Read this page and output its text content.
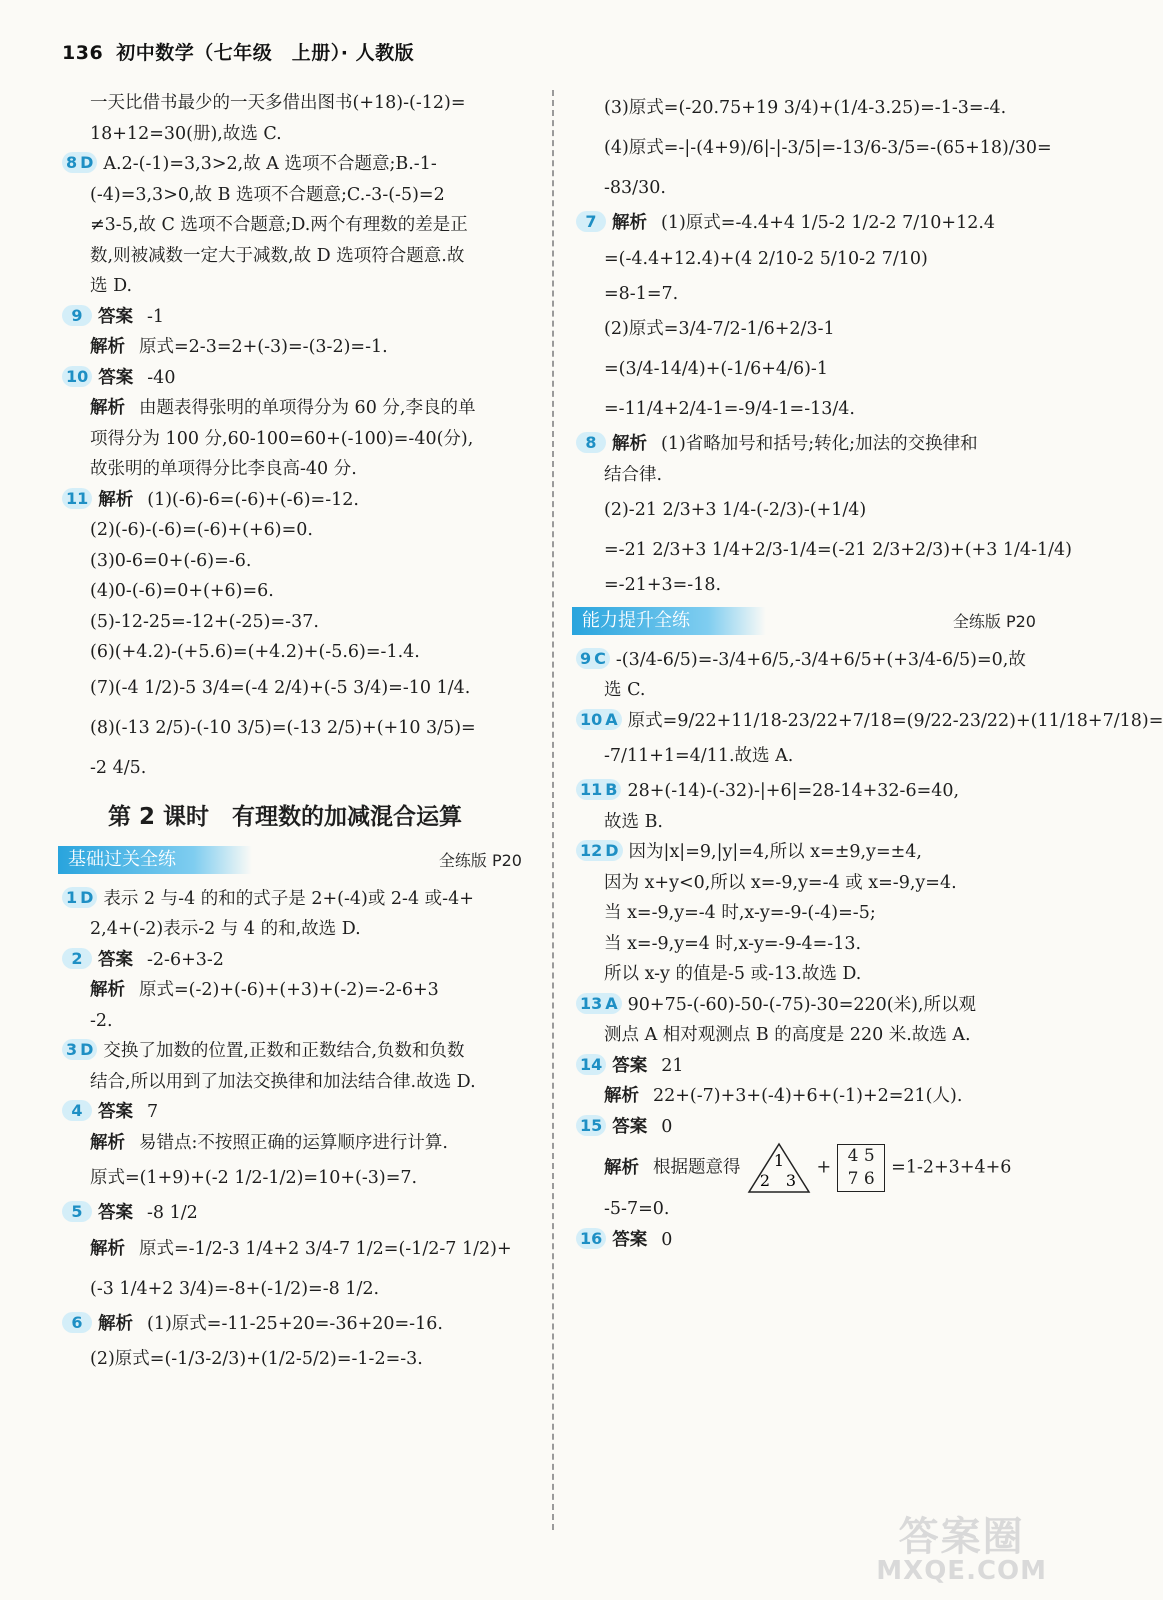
136 初中数学（七年级　上册）· 人教版
一天比借书最少的一天多借出图书(+18)-(-12)=
18+12=30(册),故选 C.
8 D A.2-(-1)=3,3>2,故 A 选项不合题意;B.-1-
(-4)=3,3>0,故 B 选项不合题意;C.-3-(-5)=2
≠3-5,故 C 选项不合题意;D.两个有理数的差是正
数,则被减数一定大于减数,故 D 选项符合题意.故
选 D.
9 答案 -1
解析 原式=2-3=2+(-3)=-(3-2)=-1.
10 答案 -40
解析 由题表得张明的单项得分为 60 分,李良的单
项得分为 100 分,60-100=60+(-100)=-40(分),
故张明的单项得分比李良高-40 分.
11 解析 (1)(-6)-6=(-6)+(-6)=-12.
(2)(-6)-(-6)=(-6)+(+6)=0.
(3)0-6=0+(-6)=-6.
(4)0-(-6)=0+(+6)=6.
(5)-12-25=-12+(-25)=-37.
(6)(+4.2)-(+5.6)=(+4.2)+(-5.6)=-1.4.
(7)(-4 1/2)-5 3/4=(-4 2/4)+(-5 3/4)=-10 1/4.
(8)(-13 2/5)-(-10 3/5)=(-13 2/5)+(+10 3/5)=
-2 4/5.
第 2 课时　有理数的加减混合运算
基础过关全练	全练版 P20
1 D 表示 2 与-4 的和的式子是 2+(-4)或 2-4 或-4+
2,4+(-2)表示-2 与 4 的和,故选 D.
2 答案 -2-6+3-2
解析 原式=(-2)+(-6)+(+3)+(-2)=-2-6+3
-2.
3 D 交换了加数的位置,正数和正数结合,负数和负数
结合,所以用到了加法交换律和加法结合律.故选 D.
4 答案 7
解析 易错点:不按照正确的运算顺序进行计算.
原式=(1+9)+(-2 1/2-1/2)=10+(-3)=7.
5 答案 -8 1/2
解析 原式=-1/2-3 1/4+2 3/4-7 1/2=(-1/2-7 1/2)+
(-3 1/4+2 3/4)=-8+(-1/2)=-8 1/2.
6 解析 (1)原式=-11-25+20=-36+20=-16.
(2)原式=(-1/3-2/3)+(1/2-5/2)=-1-2=-3.
(3)原式=(-20.75+19 3/4)+(1/4-3.25)=-1-3=-4.
(4)原式=-|-(4+9)/6|-|-3/5|=-13/6-3/5=-(65+18)/30=
-83/30.
7 解析 (1)原式=-4.4+4 1/5-2 1/2-2 7/10+12.4
=(-4.4+12.4)+(4 2/10-2 5/10-2 7/10)
=8-1=7.
(2)原式=3/4-7/2-1/6+2/3-1
=(3/4-14/4)+(-1/6+4/6)-1
=-11/4+2/4-1=-9/4-1=-13/4.
8 解析 (1)省略加号和括号;转化;加法的交换律和
结合律.
(2)-21 2/3+3 1/4-(-2/3)-(+1/4)
=-21 2/3+3 1/4+2/3-1/4=(-21 2/3+2/3)+(+3 1/4-1/4)
=-21+3=-18.
能力提升全练	全练版 P20
9 C -(3/4-6/5)=-3/4+6/5,-3/4+6/5+(+3/4-6/5)=0,故
选 C.
10 A 原式=9/22+11/18-23/22+7/18=(9/22-23/22)+(11/18+7/18)=
-7/11+1=4/11.故选 A.
11 B 28+(-14)-(-32)-|+6|=28-14+32-6=40,
故选 B.
12 D 因为|x|=9,|y|=4,所以 x=±9,y=±4,
因为 x+y<0,所以 x=-9,y=-4 或 x=-9,y=4.
当 x=-9,y=-4 时,x-y=-9-(-4)=-5;
当 x=-9,y=4 时,x-y=-9-4=-13.
所以 x-y 的值是-5 或-13.故选 D.
13 A 90+75-(-60)-50-(-75)-30=220(米),所以观
测点 A 相对观测点 B 的高度是 220 米.故选 A.
14 答案 21
解析 22+(-7)+3+(-4)+6+(-1)+2=21(人).
15 答案 0
解析 根据题意得 1
2 3
+4 5
7 6=1-2+3+4+6
-5-7=0.
16 答案 0
答案圈
MXQE.COM
